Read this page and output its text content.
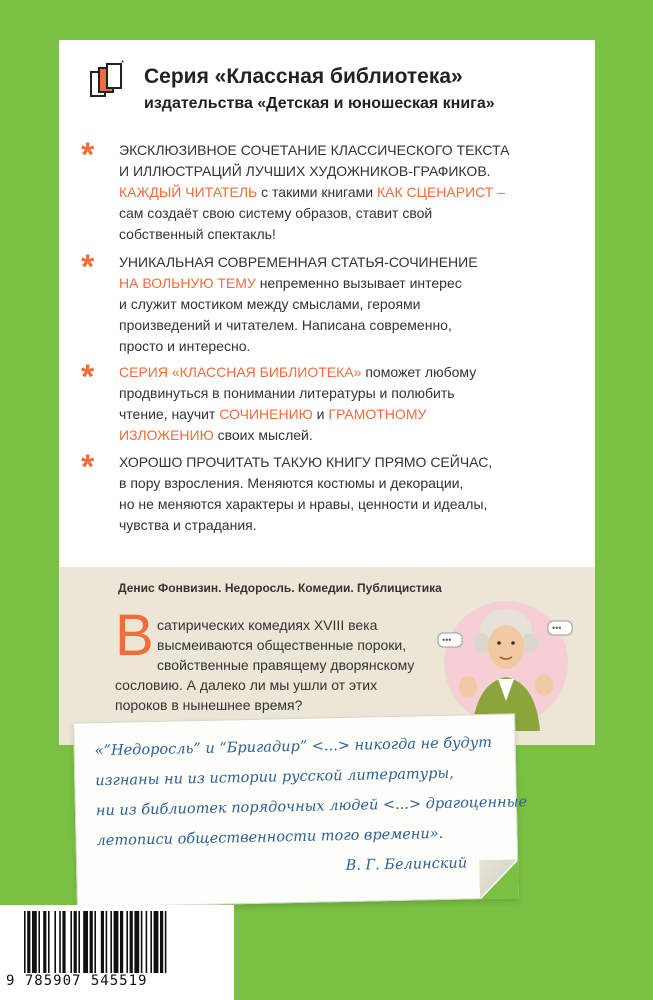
*
Серия «Классная библиотека»
издательства «Детская и юношеская книга»
* ЭКСКЛЮЗИВНОЕ СОЧЕТАНИЕ КЛАССИЧЕСКОГО ТЕКСТА
И ИЛЛЮСТРАЦИЙ ЛУЧШИХ ХУДОЖНИКОВ-ГРАФИКОВ.
КАЖДЫЙ ЧИТАТЕЛЬ с такими книгами КАК СЦЕНАРИСТ –
сам создаёт свою систему образов, ставит свой
собственный спектакль!
* УНИКАЛЬНАЯ СОВРЕМЕННАЯ СТАТЬЯ-СОЧИНЕНИЕ
НА ВОЛЬНУЮ ТЕМУ непременно вызывает интерес
и служит мостиком между смыслами, героями
произведений и читателем. Написана современно,
просто и интересно.
* СЕРИЯ «КЛАССНАЯ БИБЛИОТЕКА» поможет любому
продвинуться в понимании литературы и полюбить
чтение, научит СОЧИНЕНИЮ и ГРАМОТНОМУ
ИЗЛОЖЕНИЮ своих мыслей.
* ХОРОШО ПРОЧИТАТЬ ТАКУЮ КНИГУ ПРЯМО СЕЙЧАС,
в пору взросления. Меняются костюмы и декорации,
но не меняются характеры и нравы, ценности и идеалы,
чувства и страдания.
Денис Фонвизин. Недоросль. Комедии. Публицистика
В сатирических комедиях XVIII века
высмеиваются общественные пороки,
свойственные правящему дворянскому
сословию. А далеко ли мы ушли от этих
пороков в нынешнее время?
•••
•••
«”Недоросль” и “Бригадир” <...> никогда не будут
изгнаны ни из истории русской литературы,
ни из библиотек порядочных людей <...> драгоценные
летописи общественности того времени».
В. Г. Белинский
9 785907 545519
